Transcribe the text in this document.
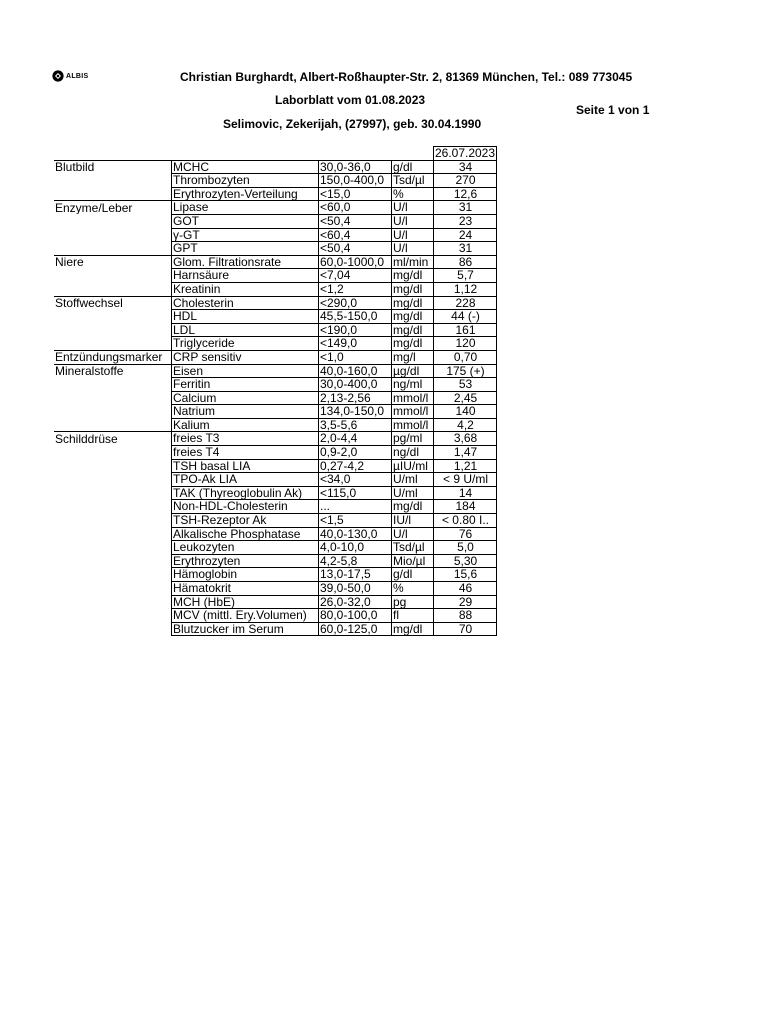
ALBIS	Christian Burghardt, Albert-Roßhaupter-Str. 2, 81369 München, Tel.: 089 773045
Laborblatt vom 01.08.2023
Seite 1 von 1
Selimovic, Zekerijah, (27997), geb. 30.04.1990
				26.07.2023
Blutbild	MCHC	30,0-36,0	g/dl	34
	Thrombozyten	150,0-400,0	Tsd/µl	270
	Erythrozyten-Verteilung	<15,0	%	12,6
Enzyme/Leber	Lipase	<60,0	U/l	31
	GOT	<50,4	U/l	23
	γ-GT	<60,4	U/l	24
	GPT	<50,4	U/l	31
Niere	Glom. Filtrationsrate	60,0-1000,0	ml/min	86
	Harnsäure	<7,04	mg/dl	5,7
	Kreatinin	<1,2	mg/dl	1,12
Stoffwechsel	Cholesterin	<290,0	mg/dl	228
	HDL	45,5-150,0	mg/dl	44 (-)
	LDL	<190,0	mg/dl	161
	Triglyceride	<149,0	mg/dl	120
Entzündungsmarker	CRP sensitiv	<1,0	mg/l	0,70
Mineralstoffe	Eisen	40,0-160,0	µg/dl	175 (+)
	Ferritin	30,0-400,0	ng/ml	53
	Calcium	2,13-2,56	mmol/l	2,45
	Natrium	134,0-150,0	mmol/l	140
	Kalium	3,5-5,6	mmol/l	4,2
Schilddrüse	freies T3	2,0-4,4	pg/ml	3,68
	freies T4	0,9-2,0	ng/dl	1,47
	TSH basal LIA	0,27-4,2	µIU/ml	1,21
	TPO-Ak LIA	<34,0	U/ml	< 9 U/ml
	TAK (Thyreoglobulin Ak)	<115,0	U/ml	14
	Non-HDL-Cholesterin	...	mg/dl	184
	TSH-Rezeptor Ak	<1,5	IU/l	< 0.80 I..
	Alkalische Phosphatase	40,0-130,0	U/l	76
	Leukozyten	4,0-10,0	Tsd/µl	5,0
	Erythrozyten	4,2-5,8	Mio/µl	5,30
	Hämoglobin	13,0-17,5	g/dl	15,6
	Hämatokrit	39,0-50,0	%	46
	MCH (HbE)	26,0-32,0	pg	29
	MCV (mittl. Ery.Volumen)	80,0-100,0	fl	88
	Blutzucker im Serum	60,0-125,0	mg/dl	70
